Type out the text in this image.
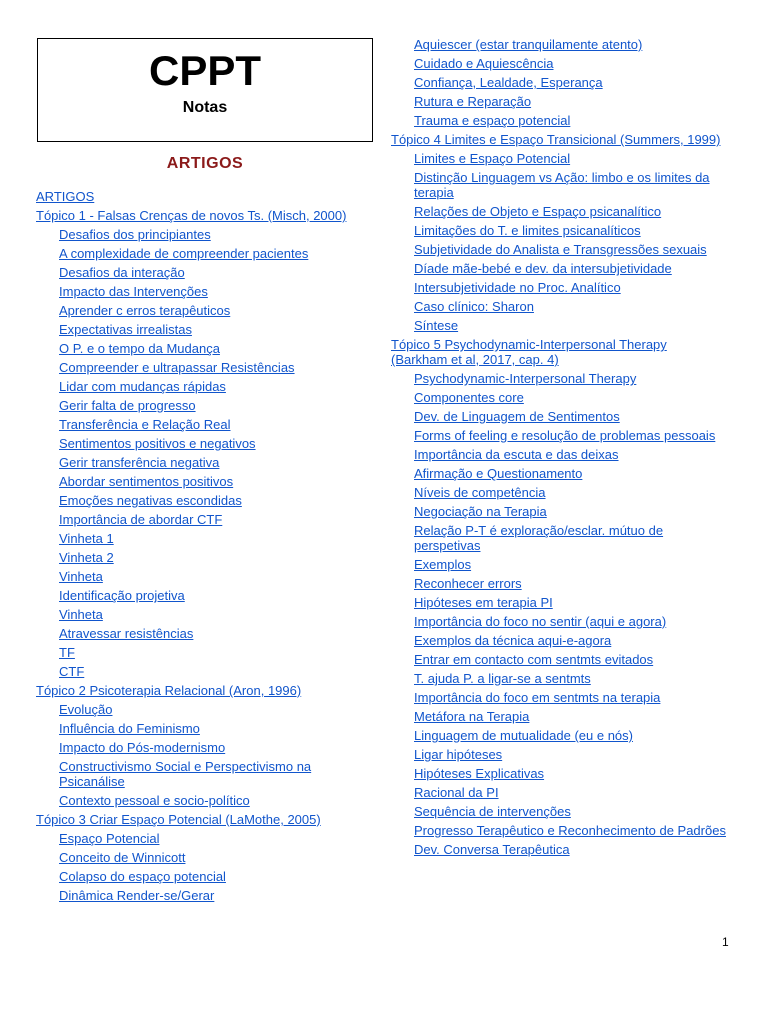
CPPT
Notas
ARTIGOS
ARTIGOS
Tópico 1 - Falsas Crenças de novos Ts. (Misch, 2000)
Desafios dos principiantes
A complexidade de compreender pacientes
Desafios da interação
Impacto das Intervenções
Aprender c erros terapêuticos
Expectativas irrealistas
O P. e o tempo da Mudança
Compreender e ultrapassar Resistências
Lidar com mudanças rápidas
Gerir falta de progresso
Transferência e Relação Real
Sentimentos positivos e negativos
Gerir transferência negativa
Abordar sentimentos positivos
Emoções negativas escondidas
Importância de abordar CTF
Vinheta 1
Vinheta 2
Vinheta
Identificação projetiva
Vinheta
Atravessar resistências
TF
CTF
Tópico 2 Psicoterapia Relacional (Aron, 1996)
Evolução
Influência do Feminismo
Impacto do Pós-modernismo
Constructivismo Social e Perspectivismo na Psicanálise
Contexto pessoal e socio-político
Tópico 3 Criar Espaço Potencial (LaMothe, 2005)
Espaço Potencial
Conceito de Winnicott
Colapso do espaço potencial
Dinâmica Render-se/Gerar
Aquiescer (estar tranquilamente atento)
Cuidado e Aquiescência
Confiança, Lealdade, Esperança
Rutura e Reparação
Trauma e espaço potencial
Tópico 4 Limites e Espaço Transicional (Summers, 1999)
Limites e Espaço Potencial
Distinção Linguagem vs Ação: limbo e os limites da terapia
Relações de Objeto e Espaço psicanalítico
Limitações do T. e limites psicanalíticos
Subjetividade do Analista e Transgressões sexuais
Díade mãe-bebé e dev. da intersubjetividade
Intersubjetividade no Proc. Analítico
Caso clínico: Sharon
Síntese
Tópico 5 Psychodynamic-Interpersonal Therapy (Barkham et al, 2017, cap. 4)
Psychodynamic-Interpersonal Therapy
Componentes core
Dev. de Linguagem de Sentimentos
Forms of feeling e resolução de problemas pessoais
Importância da escuta e das deixas
Afirmação e Questionamento
Níveis de competência
Negociação na Terapia
Relação P-T é exploração/esclar. mútuo de perspetivas
Exemplos
Reconhecer errors
Hipóteses em terapia PI
Importância do foco no sentir (aqui e agora)
Exemplos da técnica aqui-e-agora
Entrar em contacto com sentmts evitados
T. ajuda P. a ligar-se a sentmts
Importância do foco em sentmts na terapia
Metáfora na Terapia
Linguagem de mutualidade (eu e nós)
Ligar hipóteses
Hipóteses Explicativas
Racional da PI
Sequência de intervenções
Progresso Terapêutico e Reconhecimento de Padrões
Dev. Conversa Terapêutica
1
